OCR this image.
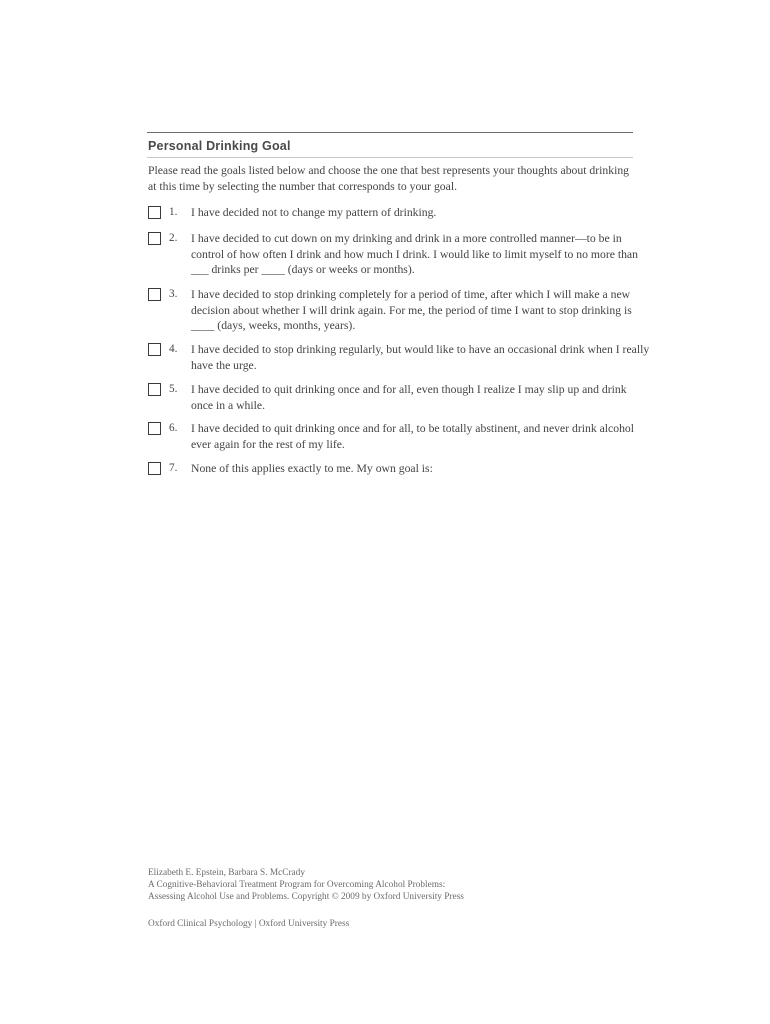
Personal Drinking Goal

Please read the goals listed below and choose the one that best represents your thoughts about drinking at this time by selecting the number that corresponds to your goal.

1.	I have decided not to change my pattern of drinking.

2.	I have decided to cut down on my drinking and drink in a more controlled manner—to be in control of how often I drink and how much I drink. I would like to limit myself to no more than ___ drinks per ____ (days or weeks or months).

3.	I have decided to stop drinking completely for a period of time, after which I will make a new decision about whether I will drink again. For me, the period of time I want to stop drinking is ____ (days, weeks, months, years).

4.	I have decided to stop drinking regularly, but would like to have an occasional drink when I really have the urge.

5.	I have decided to quit drinking once and for all, even though I realize I may slip up and drink once in a while.

6.	I have decided to quit drinking once and for all, to be totally abstinent, and never drink alcohol ever again for the rest of my life.

7.	None of this applies exactly to me. My own goal is:

Elizabeth E. Epstein, Barbara S. McCrady
A Cognitive-Behavioral Treatment Program for Overcoming Alcohol Problems:
Assessing Alcohol Use and Problems. Copyright © 2009 by Oxford University Press
Oxford Clinical Psychology | Oxford University Press
